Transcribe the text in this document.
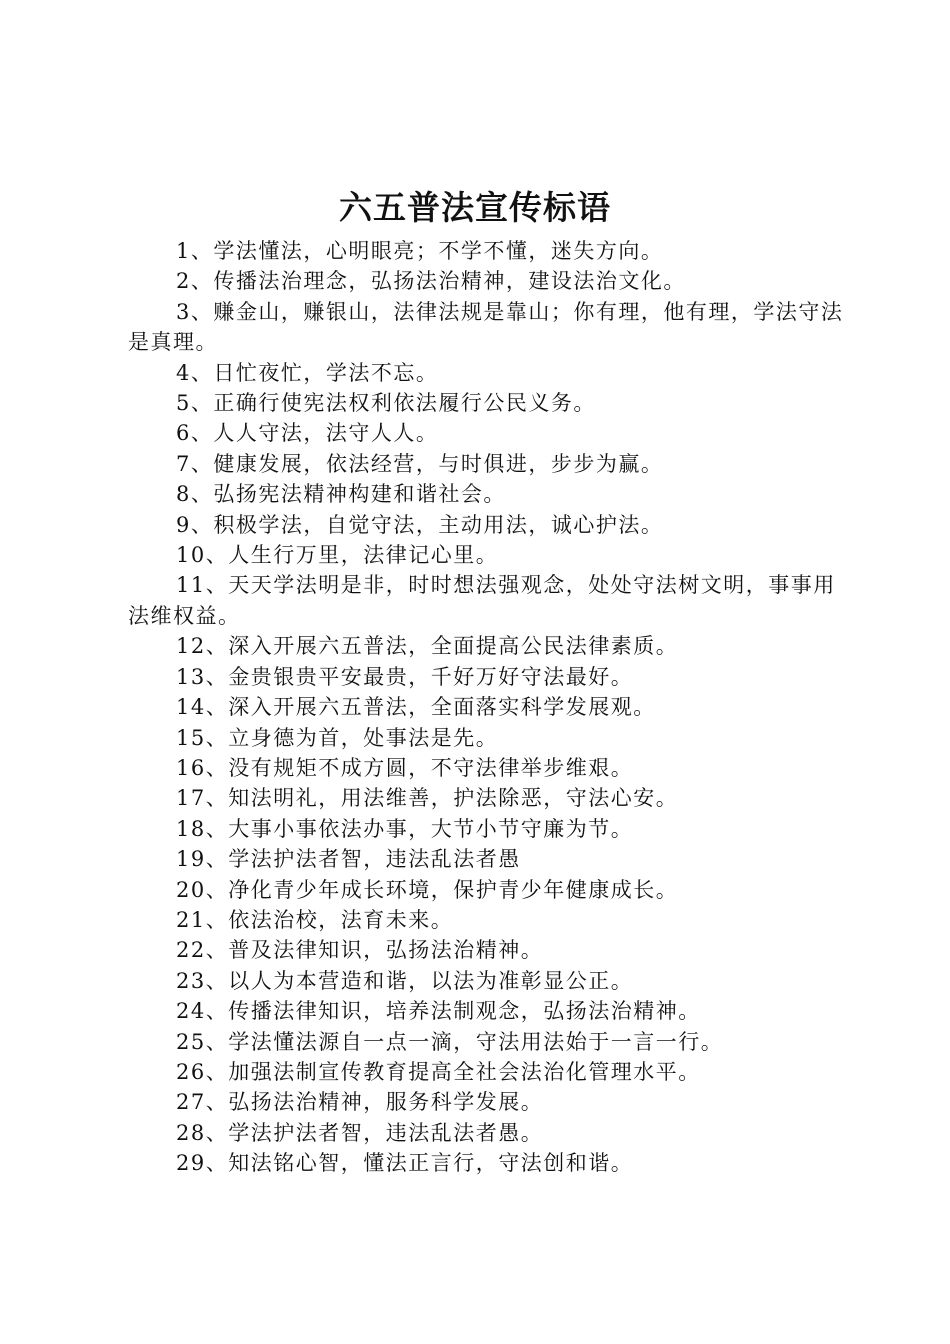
六五普法宣传标语

1、学法懂法，心明眼亮；不学不懂，迷失方向。

2、传播法治理念，弘扬法治精神，建设法治文化。

3、赚金山，赚银山，法律法规是靠山；你有理，他有理，学法守法是真理。

4、日忙夜忙，学法不忘。

5、正确行使宪法权利依法履行公民义务。

6、人人守法，法守人人。

7、健康发展，依法经营，与时俱进，步步为赢。

8、弘扬宪法精神构建和谐社会。

9、积极学法，自觉守法，主动用法，诚心护法。

10、人生行万里，法律记心里。

11、天天学法明是非，时时想法强观念，处处守法树文明，事事用法维权益。

12、深入开展六五普法，全面提高公民法律素质。

13、金贵银贵平安最贵，千好万好守法最好。

14、深入开展六五普法，全面落实科学发展观。

15、立身德为首，处事法是先。

16、没有规矩不成方圆，不守法律举步维艰。

17、知法明礼，用法维善，护法除恶，守法心安。

18、大事小事依法办事，大节小节守廉为节。

19、学法护法者智，违法乱法者愚

20、净化青少年成长环境，保护青少年健康成长。

21、依法治校，法育未来。

22、普及法律知识，弘扬法治精神。

23、以人为本营造和谐，以法为准彰显公正。

24、传播法律知识，培养法制观念，弘扬法治精神。

25、学法懂法源自一点一滴，守法用法始于一言一行。

26、加强法制宣传教育提高全社会法治化管理水平。

27、弘扬法治精神，服务科学发展。

28、学法护法者智，违法乱法者愚。

29、知法铭心智，懂法正言行，守法创和谐。
